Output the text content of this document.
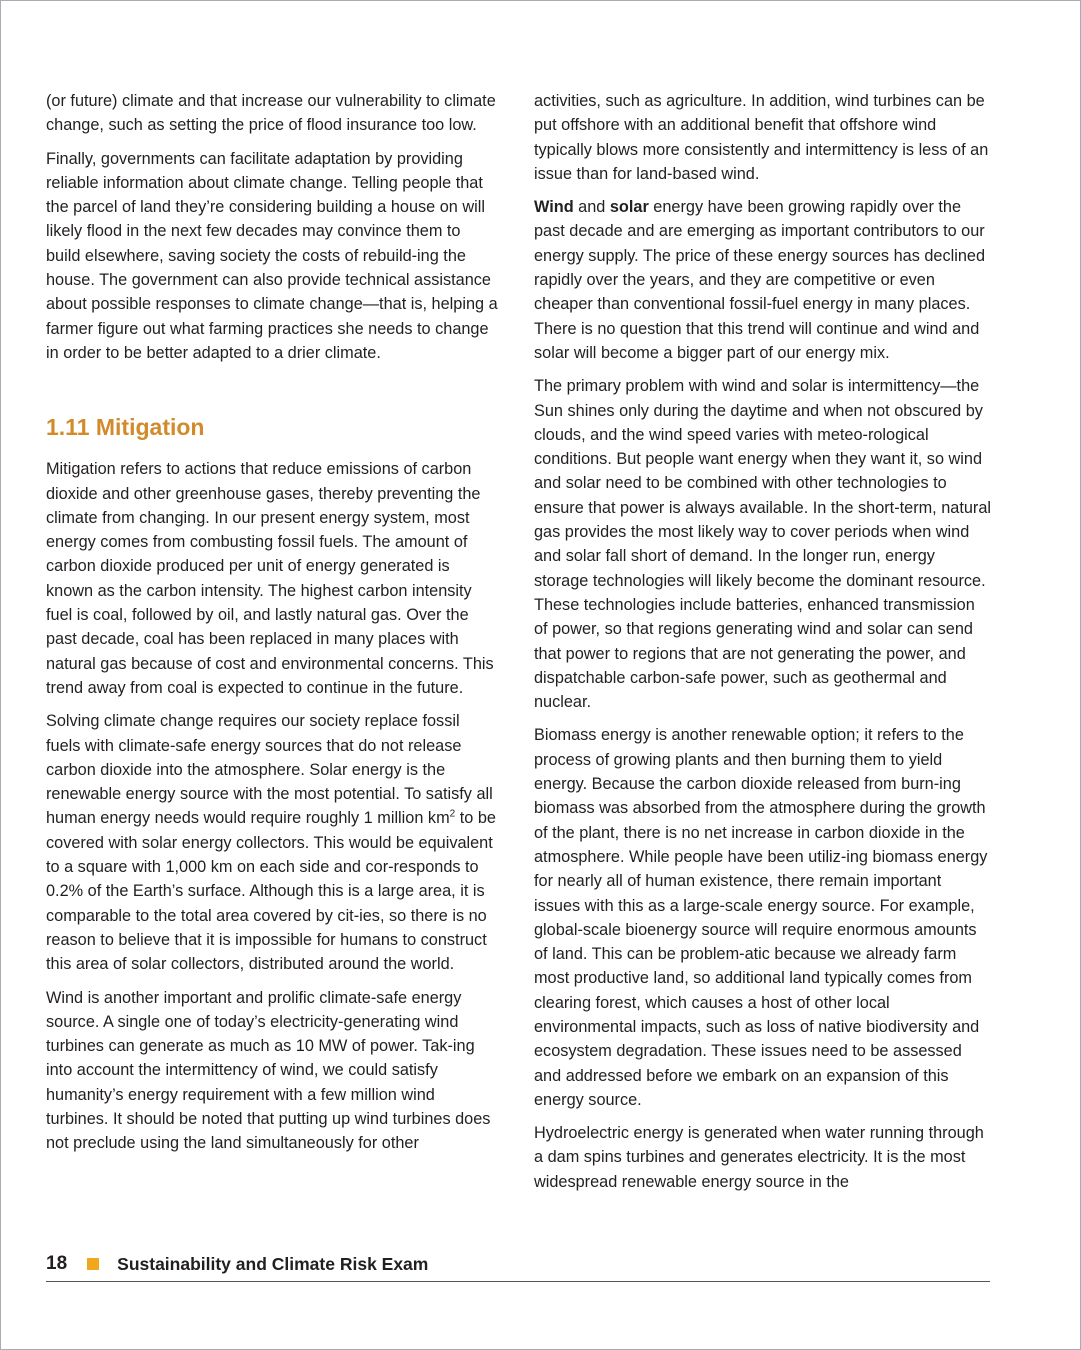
(or future) climate and that increase our vulnerability to climate change, such as setting the price of flood insurance too low.

Finally, governments can facilitate adaptation by providing reliable information about climate change. Telling people that the parcel of land they’re considering building a house on will likely flood in the next few decades may convince them to build elsewhere, saving society the costs of rebuild-ing the house. The government can also provide technical assistance about possible responses to climate change—that is, helping a farmer figure out what farming practices she needs to change in order to be better adapted to a drier climate.

1.11 Mitigation

Mitigation refers to actions that reduce emissions of carbon dioxide and other greenhouse gases, thereby preventing the climate from changing. In our present energy system, most energy comes from combusting fossil fuels. The amount of carbon dioxide produced per unit of energy generated is known as the carbon intensity. The highest carbon intensity fuel is coal, followed by oil, and lastly natural gas. Over the past decade, coal has been replaced in many places with natural gas because of cost and environmental concerns. This trend away from coal is expected to continue in the future.

Solving climate change requires our society replace fossil fuels with climate-safe energy sources that do not release carbon dioxide into the atmosphere. Solar energy is the renewable energy source with the most potential. To satisfy all human energy needs would require roughly 1 million $km^2$ to be covered with solar energy collectors. This would be equivalent to a square with 1,000 km on each side and cor-responds to 0.2% of the Earth’s surface. Although this is a large area, it is comparable to the total area covered by cit-ies, so there is no reason to believe that it is impossible for humans to construct this area of solar collectors, distributed around the world.

Wind is another important and prolific climate-safe energy source. A single one of today’s electricity-generating wind turbines can generate as much as 10 MW of power. Tak-ing into account the intermittency of wind, we could satisfy humanity’s energy requirement with a few million wind turbines. It should be noted that putting up wind turbines does not preclude using the land simultaneously for other

activities, such as agriculture. In addition, wind turbines can be put offshore with an additional benefit that offshore wind typically blows more consistently and intermittency is less of an issue than for land-based wind.

Wind and solar energy have been growing rapidly over the past decade and are emerging as important contributors to our energy supply. The price of these energy sources has declined rapidly over the years, and they are competitive or even cheaper than conventional fossil-fuel energy in many places. There is no question that this trend will continue and wind and solar will become a bigger part of our energy mix.

The primary problem with wind and solar is intermittency—the Sun shines only during the daytime and when not obscured by clouds, and the wind speed varies with meteo-rological conditions. But people want energy when they want it, so wind and solar need to be combined with other technologies to ensure that power is always available. In the short-term, natural gas provides the most likely way to cover periods when wind and solar fall short of demand. In the longer run, energy storage technologies will likely become the dominant resource. These technologies include batteries, enhanced transmission of power, so that regions generating wind and solar can send that power to regions that are not generating the power, and dispatchable carbon-safe power, such as geothermal and nuclear.

Biomass energy is another renewable option; it refers to the process of growing plants and then burning them to yield energy. Because the carbon dioxide released from burn-ing biomass was absorbed from the atmosphere during the growth of the plant, there is no net increase in carbon dioxide in the atmosphere. While people have been utiliz-ing biomass energy for nearly all of human existence, there remain important issues with this as a large-scale energy source. For example, global-scale bioenergy source will require enormous amounts of land. This can be problem-atic because we already farm most productive land, so additional land typically comes from clearing forest, which causes a host of other local environmental impacts, such as loss of native biodiversity and ecosystem degradation. These issues need to be assessed and addressed before we embark on an expansion of this energy source.

Hydroelectric energy is generated when water running through a dam spins turbines and generates electricity. It is the most widespread renewable energy source in the

18	Sustainability and Climate Risk Exam
